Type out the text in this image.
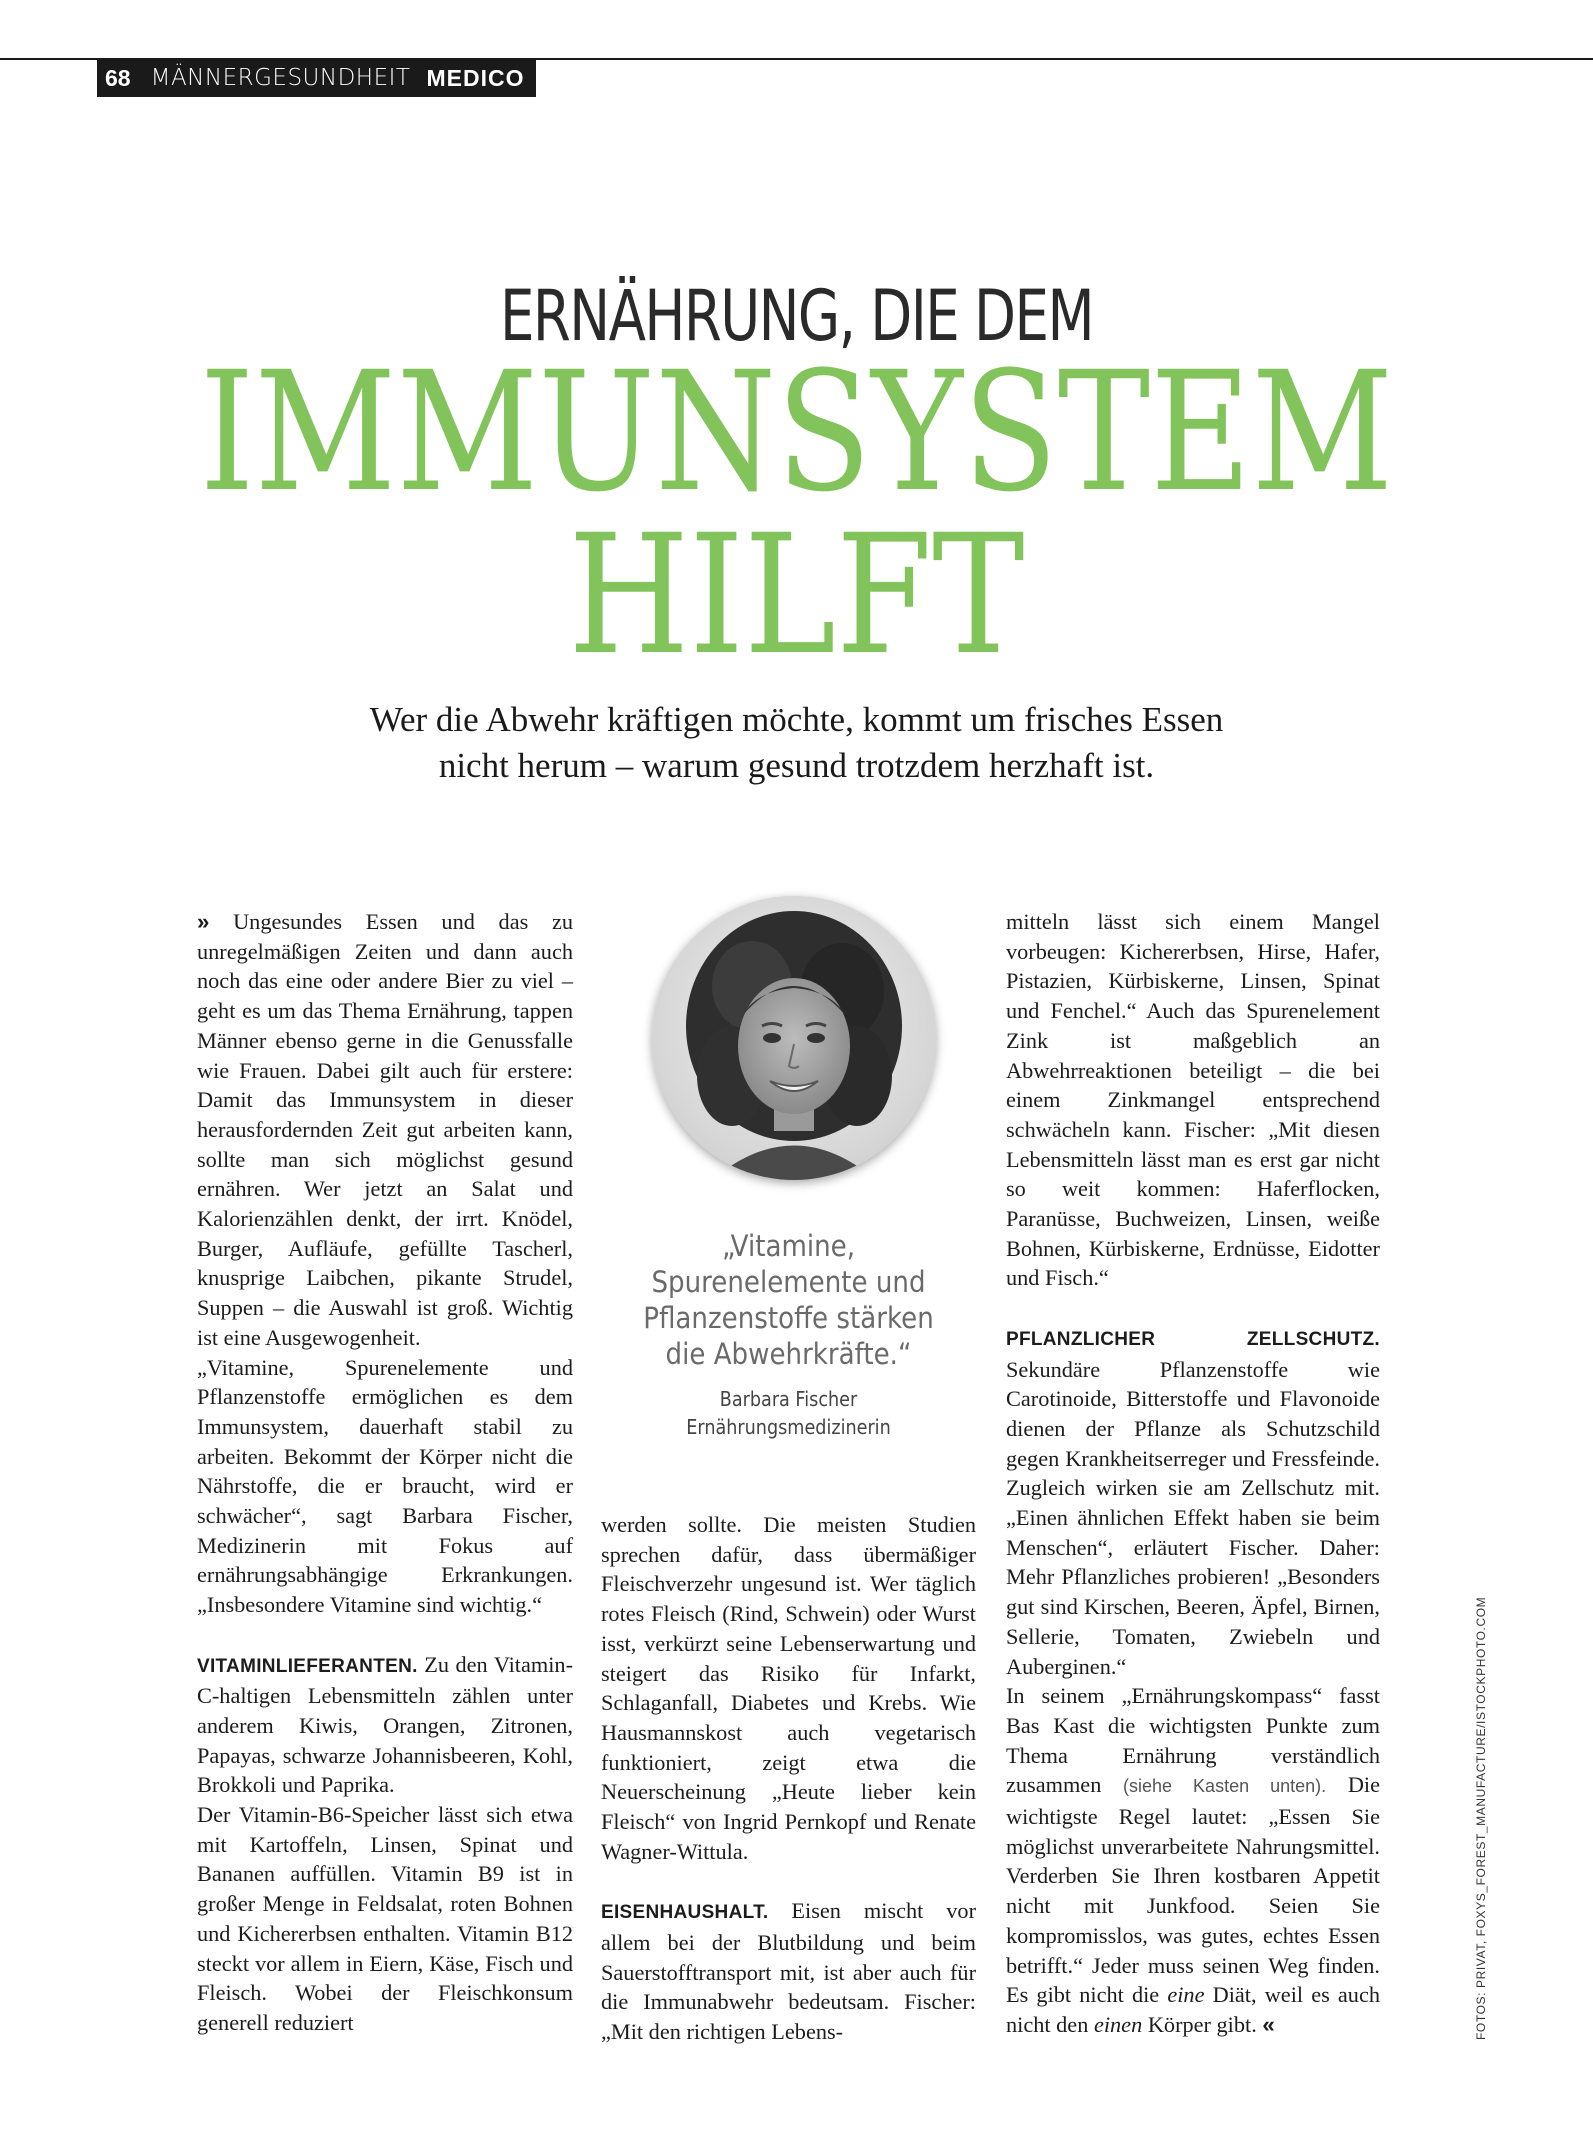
68 MÄNNERGESUNDHEIT MEDICO
ERNÄHRUNG, DIE DEM
IMMUNSYSTEM
HILFT
Wer die Abwehr kräftigen möchte, kommt um frisches Essen
nicht herum – warum gesund trotzdem herzhaft ist.

» Ungesundes Essen und das zu unregelmäßigen Zeiten und dann auch noch das eine oder andere Bier zu viel – geht es um das Thema Ernährung, tappen Männer ebenso gerne in die Genussfalle wie Frauen. Dabei gilt auch für erstere: Damit das Immunsystem in dieser herausfordernden Zeit gut arbeiten kann, sollte man sich möglichst gesund ernähren. Wer jetzt an Salat und Kalorienzählen denkt, der irrt. Knödel, Burger, Aufläufe, gefüllte Tascherl, knusprige Laibchen, pikante Strudel, Suppen – die Auswahl ist groß. Wichtig ist eine Ausgewogenheit.

„Vitamine, Spurenelemente und Pflanzenstoffe ermöglichen es dem Immunsystem, dauerhaft stabil zu arbeiten. Bekommt der Körper nicht die Nährstoffe, die er braucht, wird er schwächer“, sagt Barbara Fischer, Medizinerin mit Fokus auf ernährungsabhängige Erkrankungen. „Insbesondere Vitamine sind wichtig.“

VITAMINLIEFERANTEN. Zu den Vitamin-C-haltigen Lebensmitteln zählen unter anderem Kiwis, Orangen, Zitronen, Papayas, schwarze Johannisbeeren, Kohl, Brokkoli und Paprika.

Der Vitamin-B6-Speicher lässt sich etwa mit Kartoffeln, Linsen, Spinat und Bananen auffüllen. Vitamin B9 ist in großer Menge in Feldsalat, roten Bohnen und Kichererbsen enthalten. Vitamin B12 steckt vor allem in Eiern, Käse, Fisch und Fleisch. Wobei der Fleischkonsum generell reduziert

„Vitamine, Spurenelemente und Pflanzenstoffe stärken die Abwehrkräfte.“
Barbara Fischer
Ernährungsmedizinerin

werden sollte. Die meisten Studien sprechen dafür, dass übermäßiger Fleischverzehr ungesund ist. Wer täglich rotes Fleisch (Rind, Schwein) oder Wurst isst, verkürzt seine Lebenserwartung und steigert das Risiko für Infarkt, Schlaganfall, Diabetes und Krebs. Wie Hausmannskost auch vegetarisch funktioniert, zeigt etwa die Neuerscheinung „Heute lieber kein Fleisch“ von Ingrid Pernkopf und Renate Wagner-Wittula.

EISENHAUSHALT. Eisen mischt vor allem bei der Blutbildung und beim Sauerstofftransport mit, ist aber auch für die Immunabwehr bedeutsam. Fischer: „Mit den richtigen Lebens-

mitteln lässt sich einem Mangel vorbeugen: Kichererbsen, Hirse, Hafer, Pistazien, Kürbiskerne, Linsen, Spinat und Fenchel.“ Auch das Spurenelement Zink ist maßgeblich an Abwehrreaktionen beteiligt – die bei einem Zinkmangel entsprechend schwächeln kann. Fischer: „Mit diesen Lebensmitteln lässt man es erst gar nicht so weit kommen: Haferflocken, Paranüsse, Buchweizen, Linsen, weiße Bohnen, Kürbiskerne, Erdnüsse, Eidotter und Fisch.“

PFLANZLICHER ZELLSCHUTZ. Sekundäre Pflanzenstoffe wie Carotinoide, Bitterstoffe und Flavonoide dienen der Pflanze als Schutzschild gegen Krankheitserreger und Fressfeinde. Zugleich wirken sie am Zellschutz mit. „Einen ähnlichen Effekt haben sie beim Menschen“, erläutert Fischer. Daher: Mehr Pflanzliches probieren! „Besonders gut sind Kirschen, Beeren, Äpfel, Birnen, Sellerie, Tomaten, Zwiebeln und Auberginen.“

In seinem „Ernährungskompass“ fasst Bas Kast die wichtigsten Punkte zum Thema Ernährung verständlich zusammen (siehe Kasten unten). Die wichtigste Regel lautet: „Essen Sie möglichst unverarbeitete Nahrungsmittel. Verderben Sie Ihren kostbaren Appetit nicht mit Junkfood. Seien Sie kompromisslos, was gutes, echtes Essen betrifft.“ Jeder muss seinen Weg finden. Es gibt nicht die eine Diät, weil es auch nicht den einen Körper gibt. «	FOTOS: PRIVAT, FOXYS_FOREST_MANUFACTURE/ISTOCKPHOTO.COM
